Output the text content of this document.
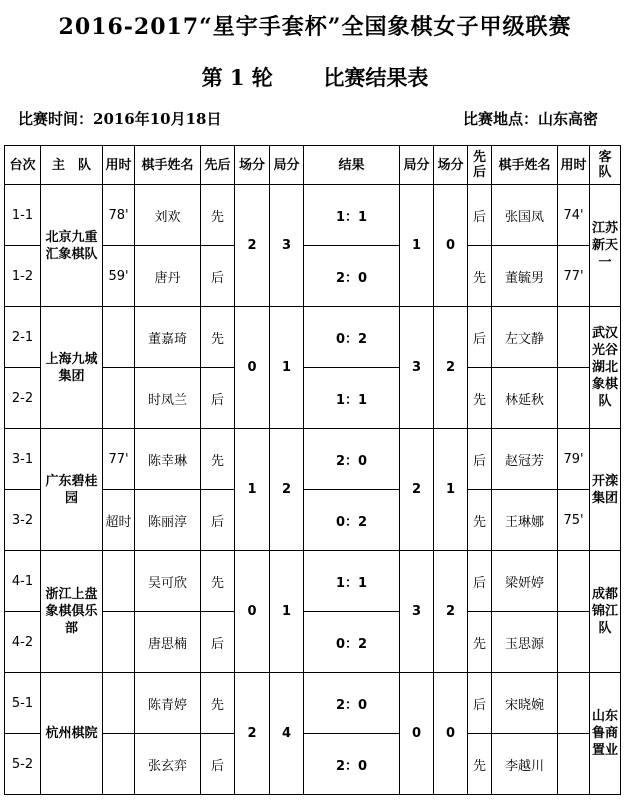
2016-2017“星宇手套杯”全国象棋女子甲级联赛
第 1 轮 比赛结果表
比赛时间：2016年10月18日	比赛地点：山东高密
台次	主　队	用时	棋手姓名	先后	场分	局分	结果	局分	场分	先后	棋手姓名	用时	客　队
1-1	北京九重汇象棋队	78'	刘欢	先	2	3	1：1	1	0	后	张国凤	74'	江苏新天一
1-2		59'	唐丹	后			2：0			先	董毓男	77'	
2-1	上海九城集团		董嘉琦	先	0	1	0：2	3	2	后	左文静		武汉光谷湖北象棋队
2-2			时凤兰	后			1：1			先	林延秋		
3-1	广东碧桂园	77'	陈幸琳	先	1	2	2：0	2	1	后	赵冠芳	79'	开滦集团
3-2		超时	陈丽淳	后			0：2			先	王琳娜	75'	
4-1	浙江上盘象棋俱乐部		吴可欣	先	0	1	1：1	3	2	后	梁妍婷		成都锦江队
4-2			唐思楠	后			0：2			先	玉思源		
5-1	杭州棋院		陈青婷	先	2	4	2：0	0	0	后	宋晓婉		山东鲁商置业
5-2			张玄弈	后			2：0			先	李越川		
